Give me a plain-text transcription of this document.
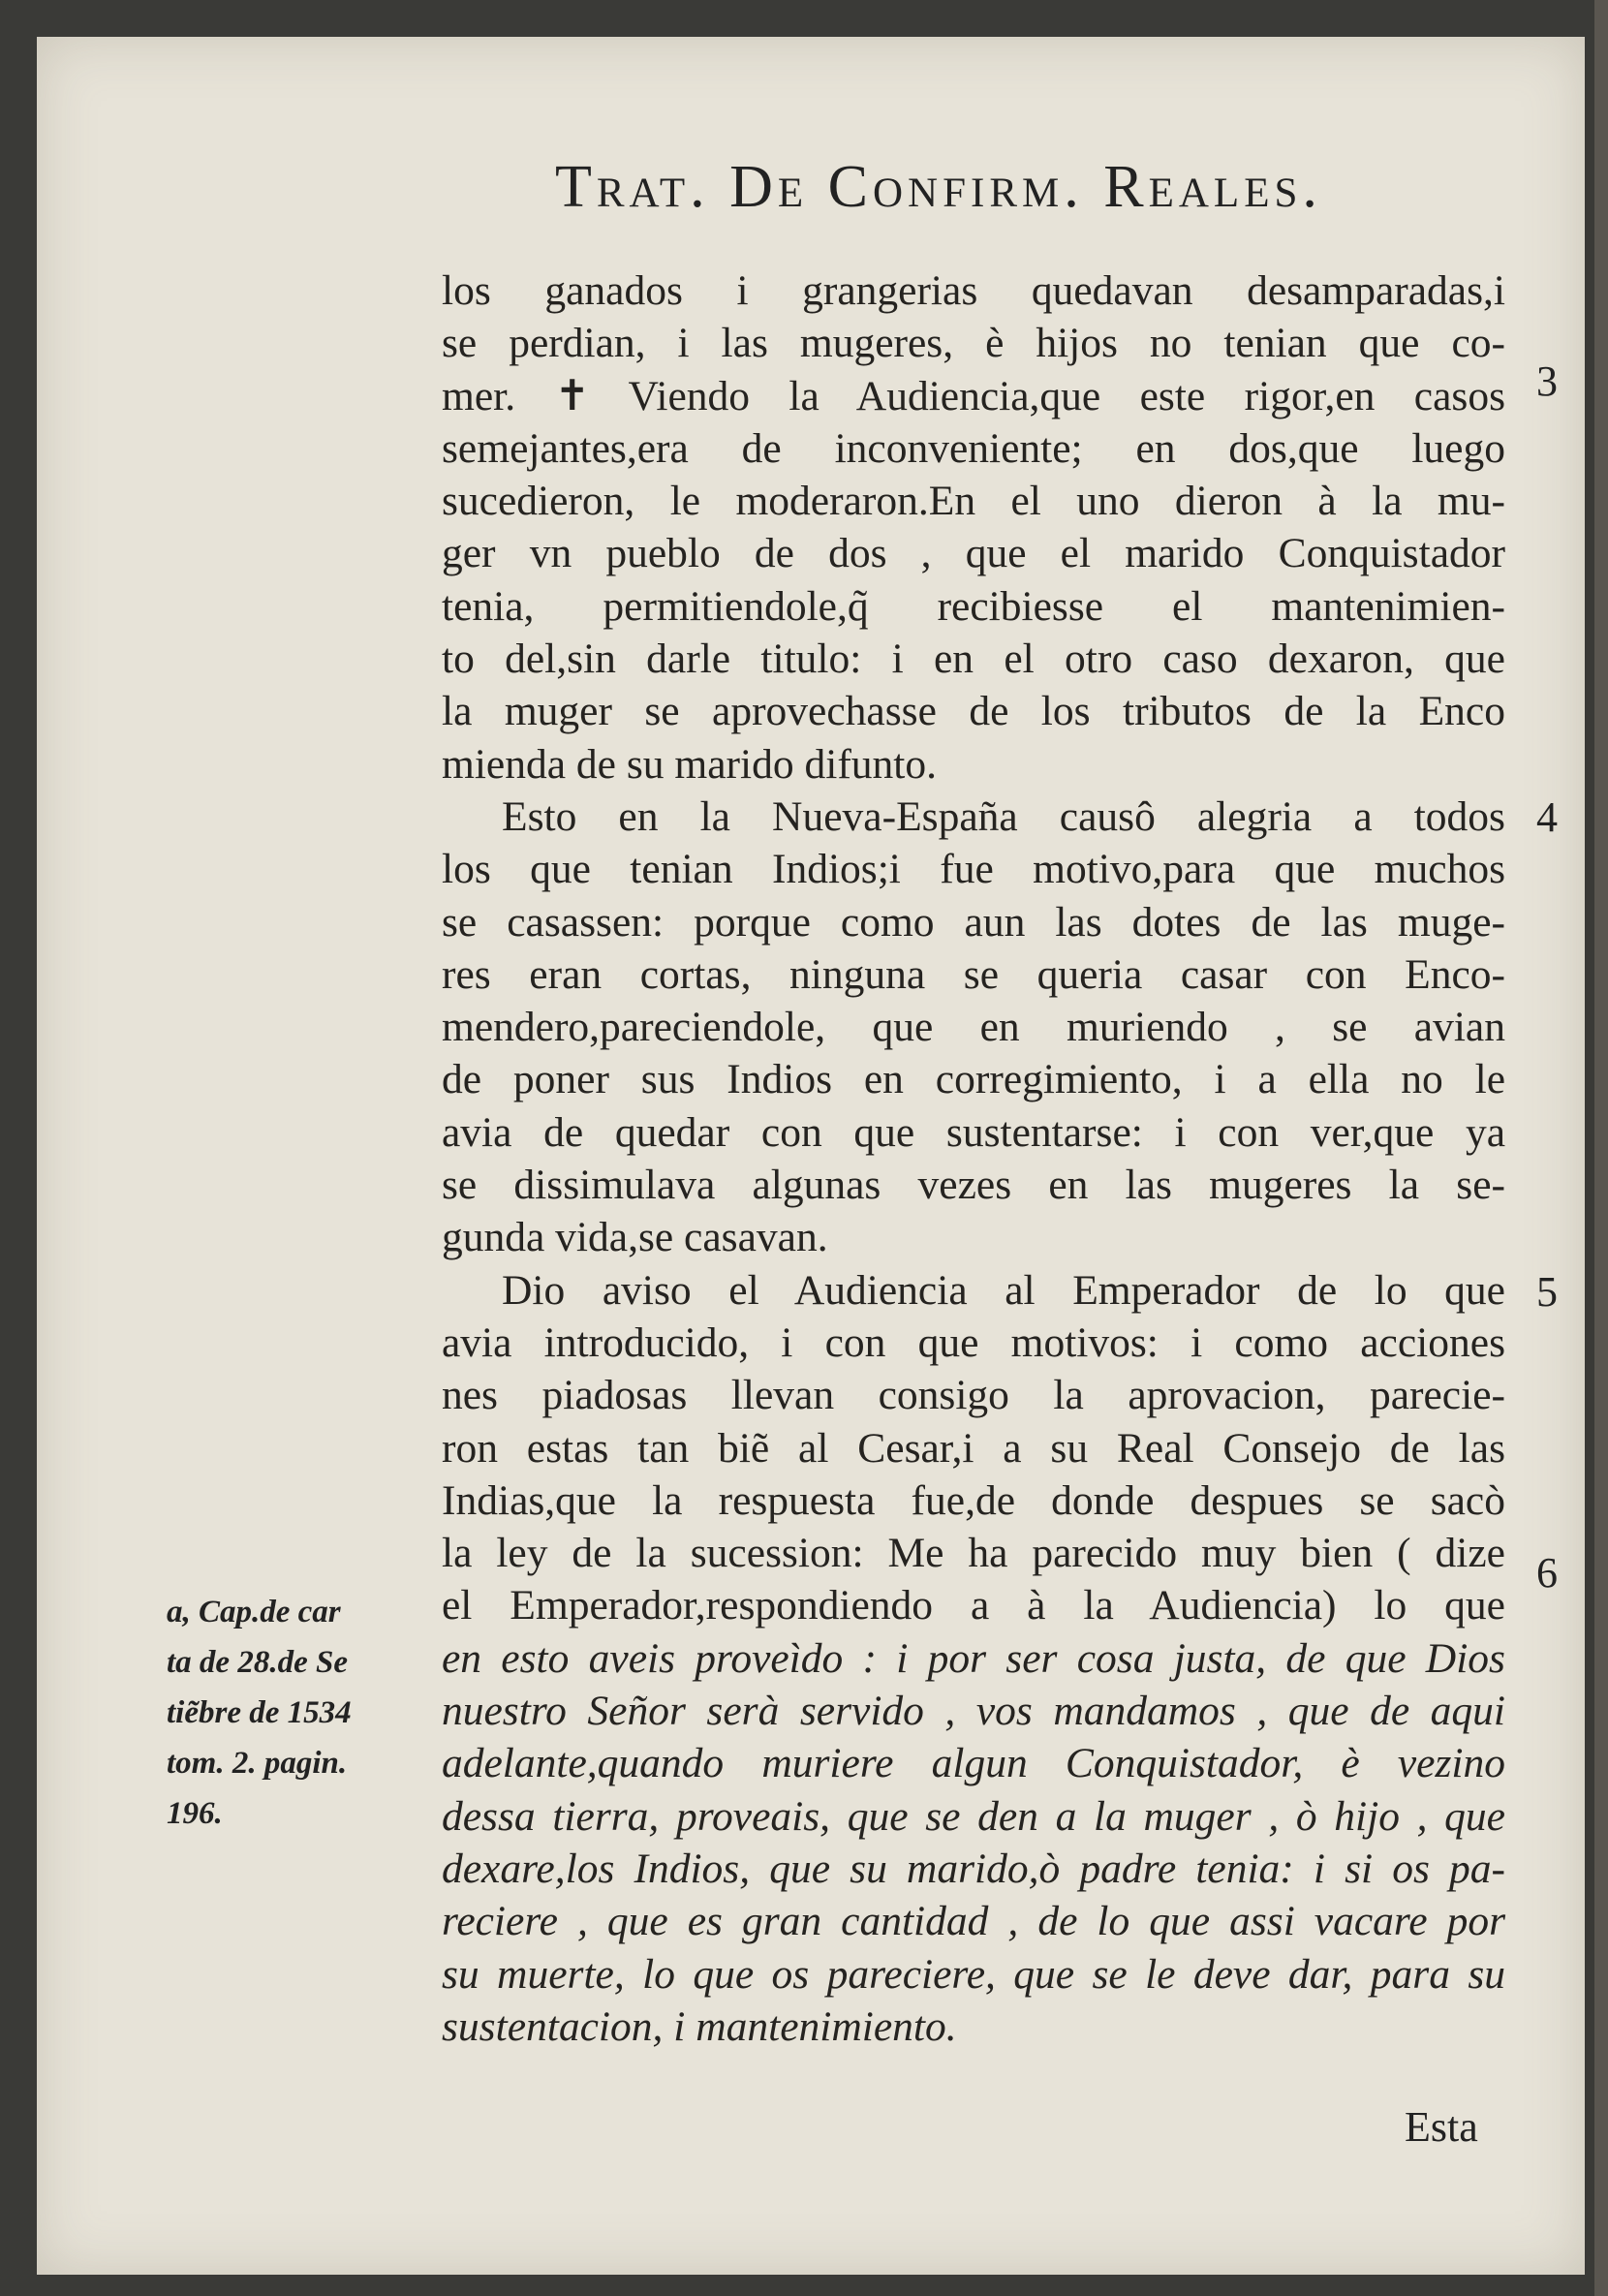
Trat. De Confirm. Reales.
los ganados i grangerias quedavan desamparadas,i
se perdian, i las mugeres, è hijos no tenian que co-
mer. ✝ Viendo la Audiencia,que este rigor,en casos
semejantes,era de inconveniente; en dos,que luego
sucedieron, le moderaron.En el uno dieron à la mu-
ger vn pueblo de dos , que el marido Conquistador
tenia, permitiendole,q̃ recibiesse el mantenimien-
to del,sin darle titulo: i en el otro caso dexaron, que
la muger se aprovechasse de los tributos de la Enco
mienda de su marido difunto.
Esto en la Nueva-España causô alegria a todos
los que tenian Indios;i fue motivo,para que muchos
se casassen: porque como aun las dotes de las muge-
res eran cortas, ninguna se queria casar con Enco-
mendero,pareciendole, que en muriendo , se avian
de poner sus Indios en corregimiento, i a ella no le
avia de quedar con que sustentarse: i con ver,que ya
se dissimulava algunas vezes en las mugeres la se-
gunda vida,se casavan.
Dio aviso el Audiencia al Emperador de lo que
avia introducido, i con que motivos: i como acciones
nes piadosas llevan consigo la aprovacion, parecie-
ron estas tan biẽ al Cesar,i a su Real Consejo de las
Indias,que la respuesta fue,de donde despues se sacò
la ley de la sucession: Me ha parecido muy bien ( dize
el Emperador,respondiendo a à la Audiencia) lo que
en esto aveis proveìdo : i por ser cosa justa, de que Dios
nuestro Señor serà servido , vos mandamos , que de aqui
adelante,quando muriere algun Conquistador, è vezino
dessa tierra, proveais, que se den a la muger , ò hijo , que
dexare,los Indios, que su marido,ò padre tenia: i si os pa-
reciere , que es gran cantidad , de lo que assi vacare por
su muerte, lo que os pareciere, que se le deve dar, para su
sustentacion, i mantenimiento.
3
4
5
6
a, Cap.de car
ta de 28.de Se
tiẽbre de 1534
tom. 2. pagin.
196.
Esta
